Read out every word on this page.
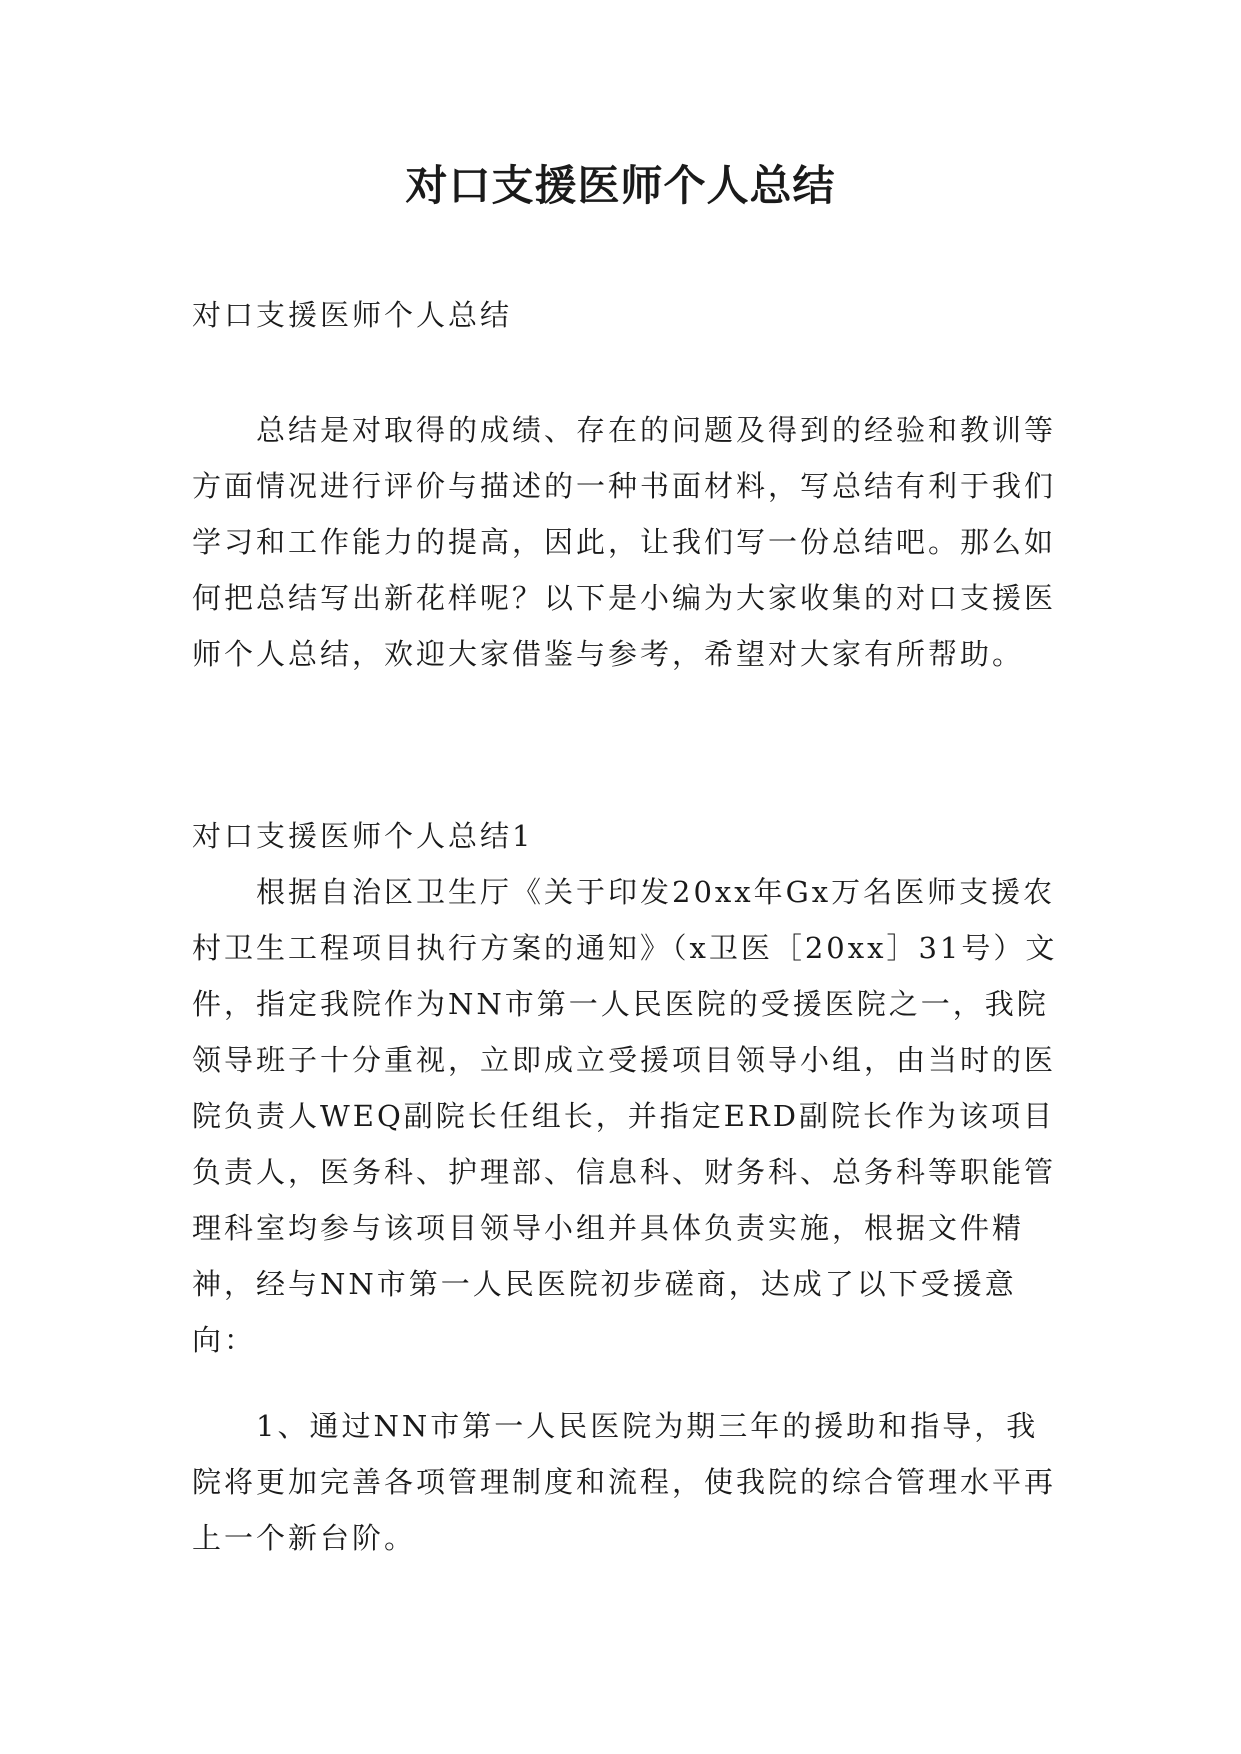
对口支援医师个人总结

对口支援医师个人总结

总结是对取得的成绩、存在的问题及得到的经验和教训等方面情况进行评价与描述的一种书面材料，写总结有利于我们学习和工作能力的提高，因此，让我们写一份总结吧。那么如何把总结写出新花样呢？以下是小编为大家收集的对口支援医师个人总结，欢迎大家借鉴与参考，希望对大家有所帮助。

对口支援医师个人总结1

根据自治区卫生厅《关于印发20xx年Gx万名医师支援农村卫生工程项目执行方案的通知》（x卫医［20xx］31号）文件，指定我院作为NN市第一人民医院的受援医院之一，我院领导班子十分重视，立即成立受援项目领导小组，由当时的医院负责人WEQ副院长任组长，并指定ERD副院长作为该项目负责人，医务科、护理部、信息科、财务科、总务科等职能管理科室均参与该项目领导小组并具体负责实施，根据文件精神，经与NN市第一人民医院初步磋商，达成了以下受援意向：

1、通过NN市第一人民医院为期三年的援助和指导，我院将更加完善各项管理制度和流程，使我院的综合管理水平再上一个新台阶。
